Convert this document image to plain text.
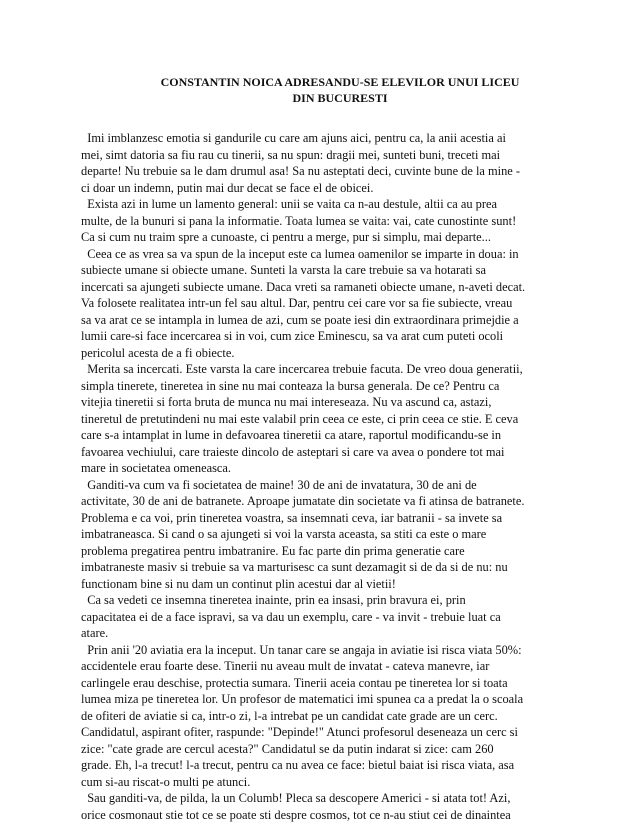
CONSTANTIN NOICA ADRESANDU-SE ELEVILOR UNUI LICEU
DIN BUCURESTI
Imi imblanzesc emotia si gandurile cu care am ajuns aici, pentru ca, la anii acestia ai
mei, simt datoria sa fiu rau cu tinerii, sa nu spun: dragii mei, sunteti buni, treceti mai
departe! Nu trebuie sa le dam drumul asa! Sa nu asteptati deci, cuvinte bune de la mine -
ci doar un indemn, putin mai dur decat se face el de obicei.
Exista azi in lume un lamento general: unii se vaita ca n-au destule, altii ca au prea
multe, de la bunuri si pana la informatie. Toata lumea se vaita: vai, cate cunostinte sunt!
Ca si cum nu traim spre a cunoaste, ci pentru a merge, pur si simplu, mai departe...
Ceea ce as vrea sa va spun de la inceput este ca lumea oamenilor se imparte in doua: in
subiecte umane si obiecte umane. Sunteti la varsta la care trebuie sa va hotarati sa
incercati sa ajungeti subiecte umane. Daca vreti sa ramaneti obiecte umane, n-aveti decat.
Va folosete realitatea intr-un fel sau altul. Dar, pentru cei care vor sa fie subiecte, vreau
sa va arat ce se intampla in lumea de azi, cum se poate iesi din extraordinara primejdie a
lumii care-si face incercarea si in voi, cum zice Eminescu, sa va arat cum puteti ocoli
pericolul acesta de a fi obiecte.
Merita sa incercati. Este varsta la care incercarea trebuie facuta. De vreo doua generatii,
simpla tinerete, tineretea in sine nu mai conteaza la bursa generala. De ce? Pentru ca
vitejia tineretii si forta bruta de munca nu mai intereseaza. Nu va ascund ca, astazi,
tineretul de pretutindeni nu mai este valabil prin ceea ce este, ci prin ceea ce stie. E ceva
care s-a intamplat in lume in defavoarea tineretii ca atare, raportul modificandu-se in
favoarea vechiului, care traieste dincolo de asteptari si care va avea o pondere tot mai
mare in societatea omeneasca.
Ganditi-va cum va fi societatea de maine! 30 de ani de invatatura, 30 de ani de
activitate, 30 de ani de batranete. Aproape jumatate din societate va fi atinsa de batranete.
Problema e ca voi, prin tineretea voastra, sa insemnati ceva, iar batranii - sa invete sa
imbatraneasca. Si cand o sa ajungeti si voi la varsta aceasta, sa stiti ca este o mare
problema pregatirea pentru imbatranire. Eu fac parte din prima generatie care
imbatraneste masiv si trebuie sa va marturisesc ca sunt dezamagit si de da si de nu: nu
functionam bine si nu dam un continut plin acestui dar al vietii!
Ca sa vedeti ce insemna tineretea inainte, prin ea insasi, prin bravura ei, prin
capacitatea ei de a face ispravi, sa va dau un exemplu, care - va invit - trebuie luat ca
atare.
Prin anii '20 aviatia era la inceput. Un tanar care se angaja in aviatie isi risca viata 50%:
accidentele erau foarte dese. Tinerii nu aveau mult de invatat - cateva manevre, iar
carlingele erau deschise, protectia sumara. Tinerii aceia contau pe tineretea lor si toata
lumea miza pe tineretea lor. Un profesor de matematici imi spunea ca a predat la o scoala
de ofiteri de aviatie si ca, intr-o zi, l-a intrebat pe un candidat cate grade are un cerc.
Candidatul, aspirant ofiter, raspunde: "Depinde!" Atunci profesorul deseneaza un cerc si
zice: "cate grade are cercul acesta?" Candidatul se da putin indarat si zice: cam 260
grade. Eh, l-a trecut! l-a trecut, pentru ca nu avea ce face: bietul baiat isi risca viata, asa
cum si-au riscat-o multi pe atunci.
Sau ganditi-va, de pilda, la un Columb! Pleca sa descopere Americi - si atata tot! Azi,
orice cosmonaut stie tot ce se poate sti despre cosmos, tot ce n-au stiut cei de dinaintea
